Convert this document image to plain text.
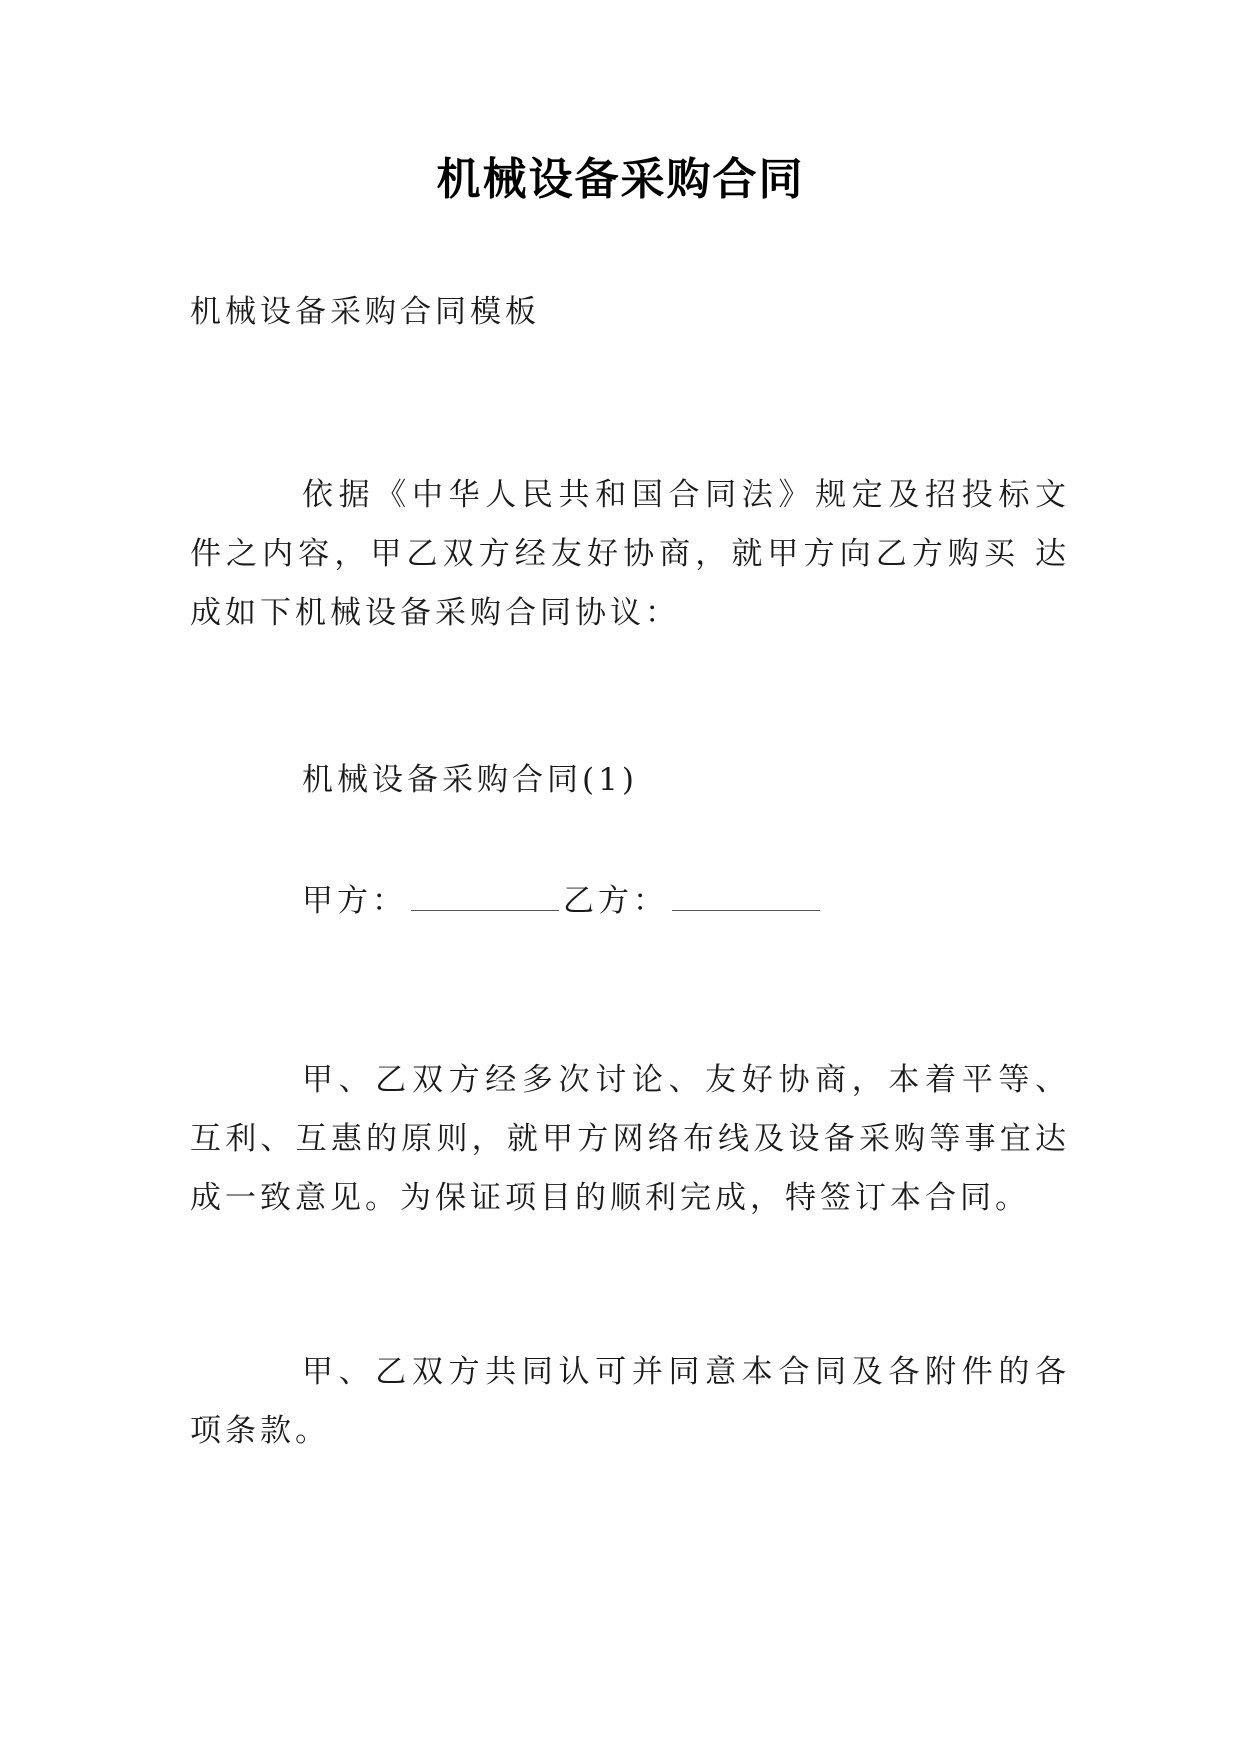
机械设备采购合同
机械设备采购合同模板
依据《中华人民共和国合同法》规定及招投标文件之内容，甲乙双方经友好协商，就甲方向乙方购买 达成如下机械设备采购合同协议：
机械设备采购合同(1)
甲方：	乙方：
甲、乙双方经多次讨论、友好协商，本着平等、互利、互惠的原则，就甲方网络布线及设备采购等事宜达成一致意见。为保证项目的顺利完成，特签订本合同。
甲、乙双方共同认可并同意本合同及各附件的各项条款。
